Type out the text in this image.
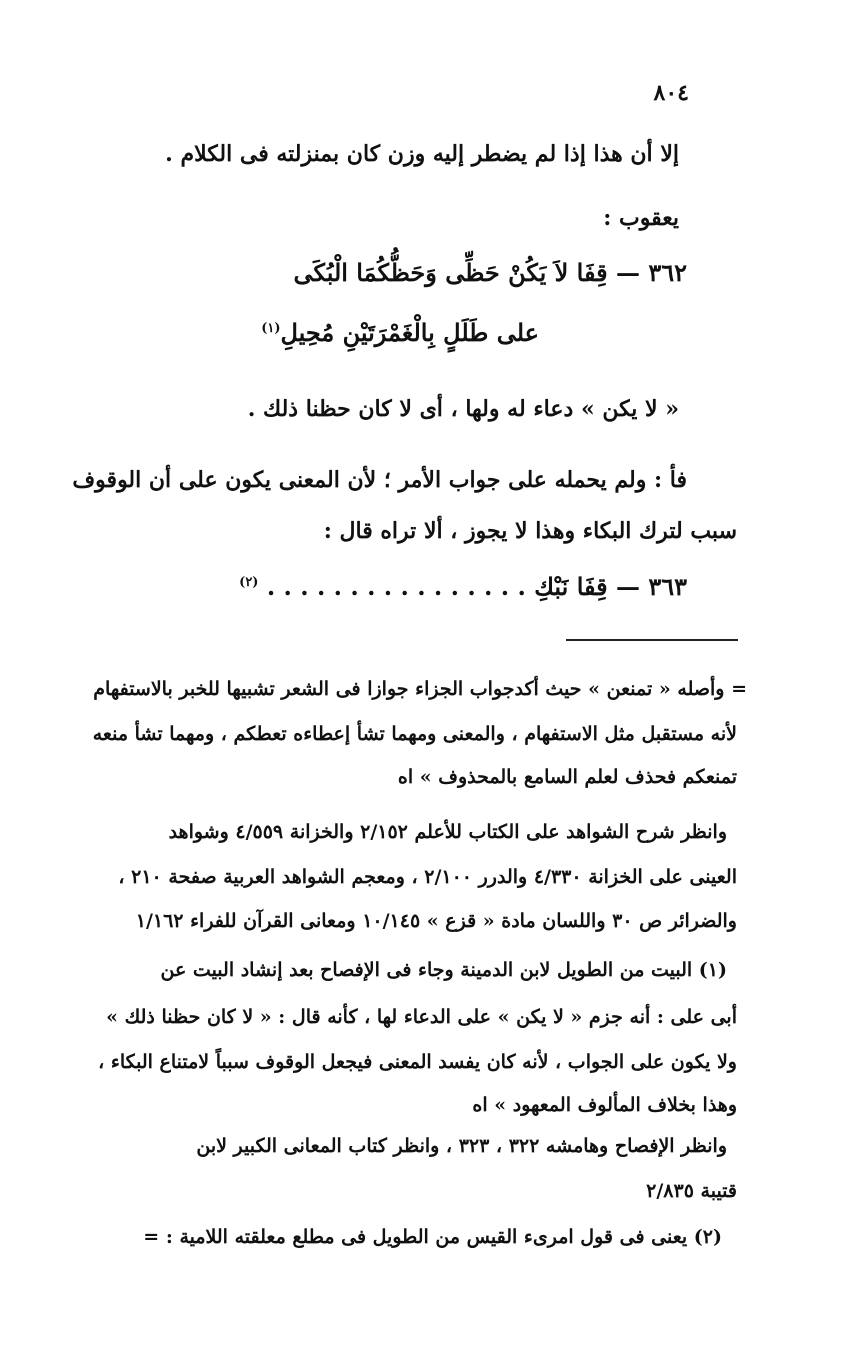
٨٠٤
إلا أن هذا إذا لم يضطر إليه وزن كان بمنزلته فى الكلام .
يعقوب :
٣٦٢ — قِفَا لاَ يَكُنْ حَظِّى وَحَظُّكُمَا الْبُكَى
على طَلَلٍ بِالْغَمْرَتَيْنِ مُحِيلِ$^{(١)}$
« لا يكن » دعاء له ولها ، أى لا كان حظنا ذلك .
فأ : ولم يحمله على جواب الأمر ؛ لأن المعنى يكون على أن الوقوف
سبب لترك البكاء وهذا لا يجوز ، ألا تراه قال :
٣٦٣ — قِفَا نَبْكِ . . . . . . . . . . . . . . . . $^{(٢)}$
= وأصله « تمنعن » حيث أكدجواب الجزاء جوازا فى الشعر تشبيها للخبر بالاستفهام
لأنه مستقبل مثل الاستفهام ، والمعنى ومهما تشأ إعطاءه تعطكم ، ومهما تشأ منعه
تمنعكم فحذف لعلم السامع بالمحذوف » اه
وانظر شرح الشواهد على الكتاب للأعلم ٢/١٥٢ والخزانة ٤/٥٥٩ وشواهد
العينى على الخزانة ٤/٣٣٠ والدرر ٢/١٠٠ ، ومعجم الشواهد العربية صفحة ٢١٠ ،
والضرائر ص ٣٠ واللسان مادة « قزع » ١٠/١٤٥ ومعانى القرآن للفراء ١/١٦٢
(١) البيت من الطويل لابن الدمينة وجاء فى الإفصاح بعد إنشاد البيت عن
أبى على : أنه جزم « لا يكن » على الدعاء لها ، كأنه قال : « لا كان حظنا ذلك »
ولا يكون على الجواب ، لأنه كان يفسد المعنى فيجعل الوقوف سبباً لامتناع البكاء ،
وهذا بخلاف المألوف المعهود » اه
وانظر الإفصاح وهامشه ٣٢٢ ، ٣٢٣ ، وانظر كتاب المعانى الكبير لابن
قتيبة ٢/٨٣٥
(٢) يعنى فى قول امرىء القيس من الطويل فى مطلع معلقته اللامية : =
